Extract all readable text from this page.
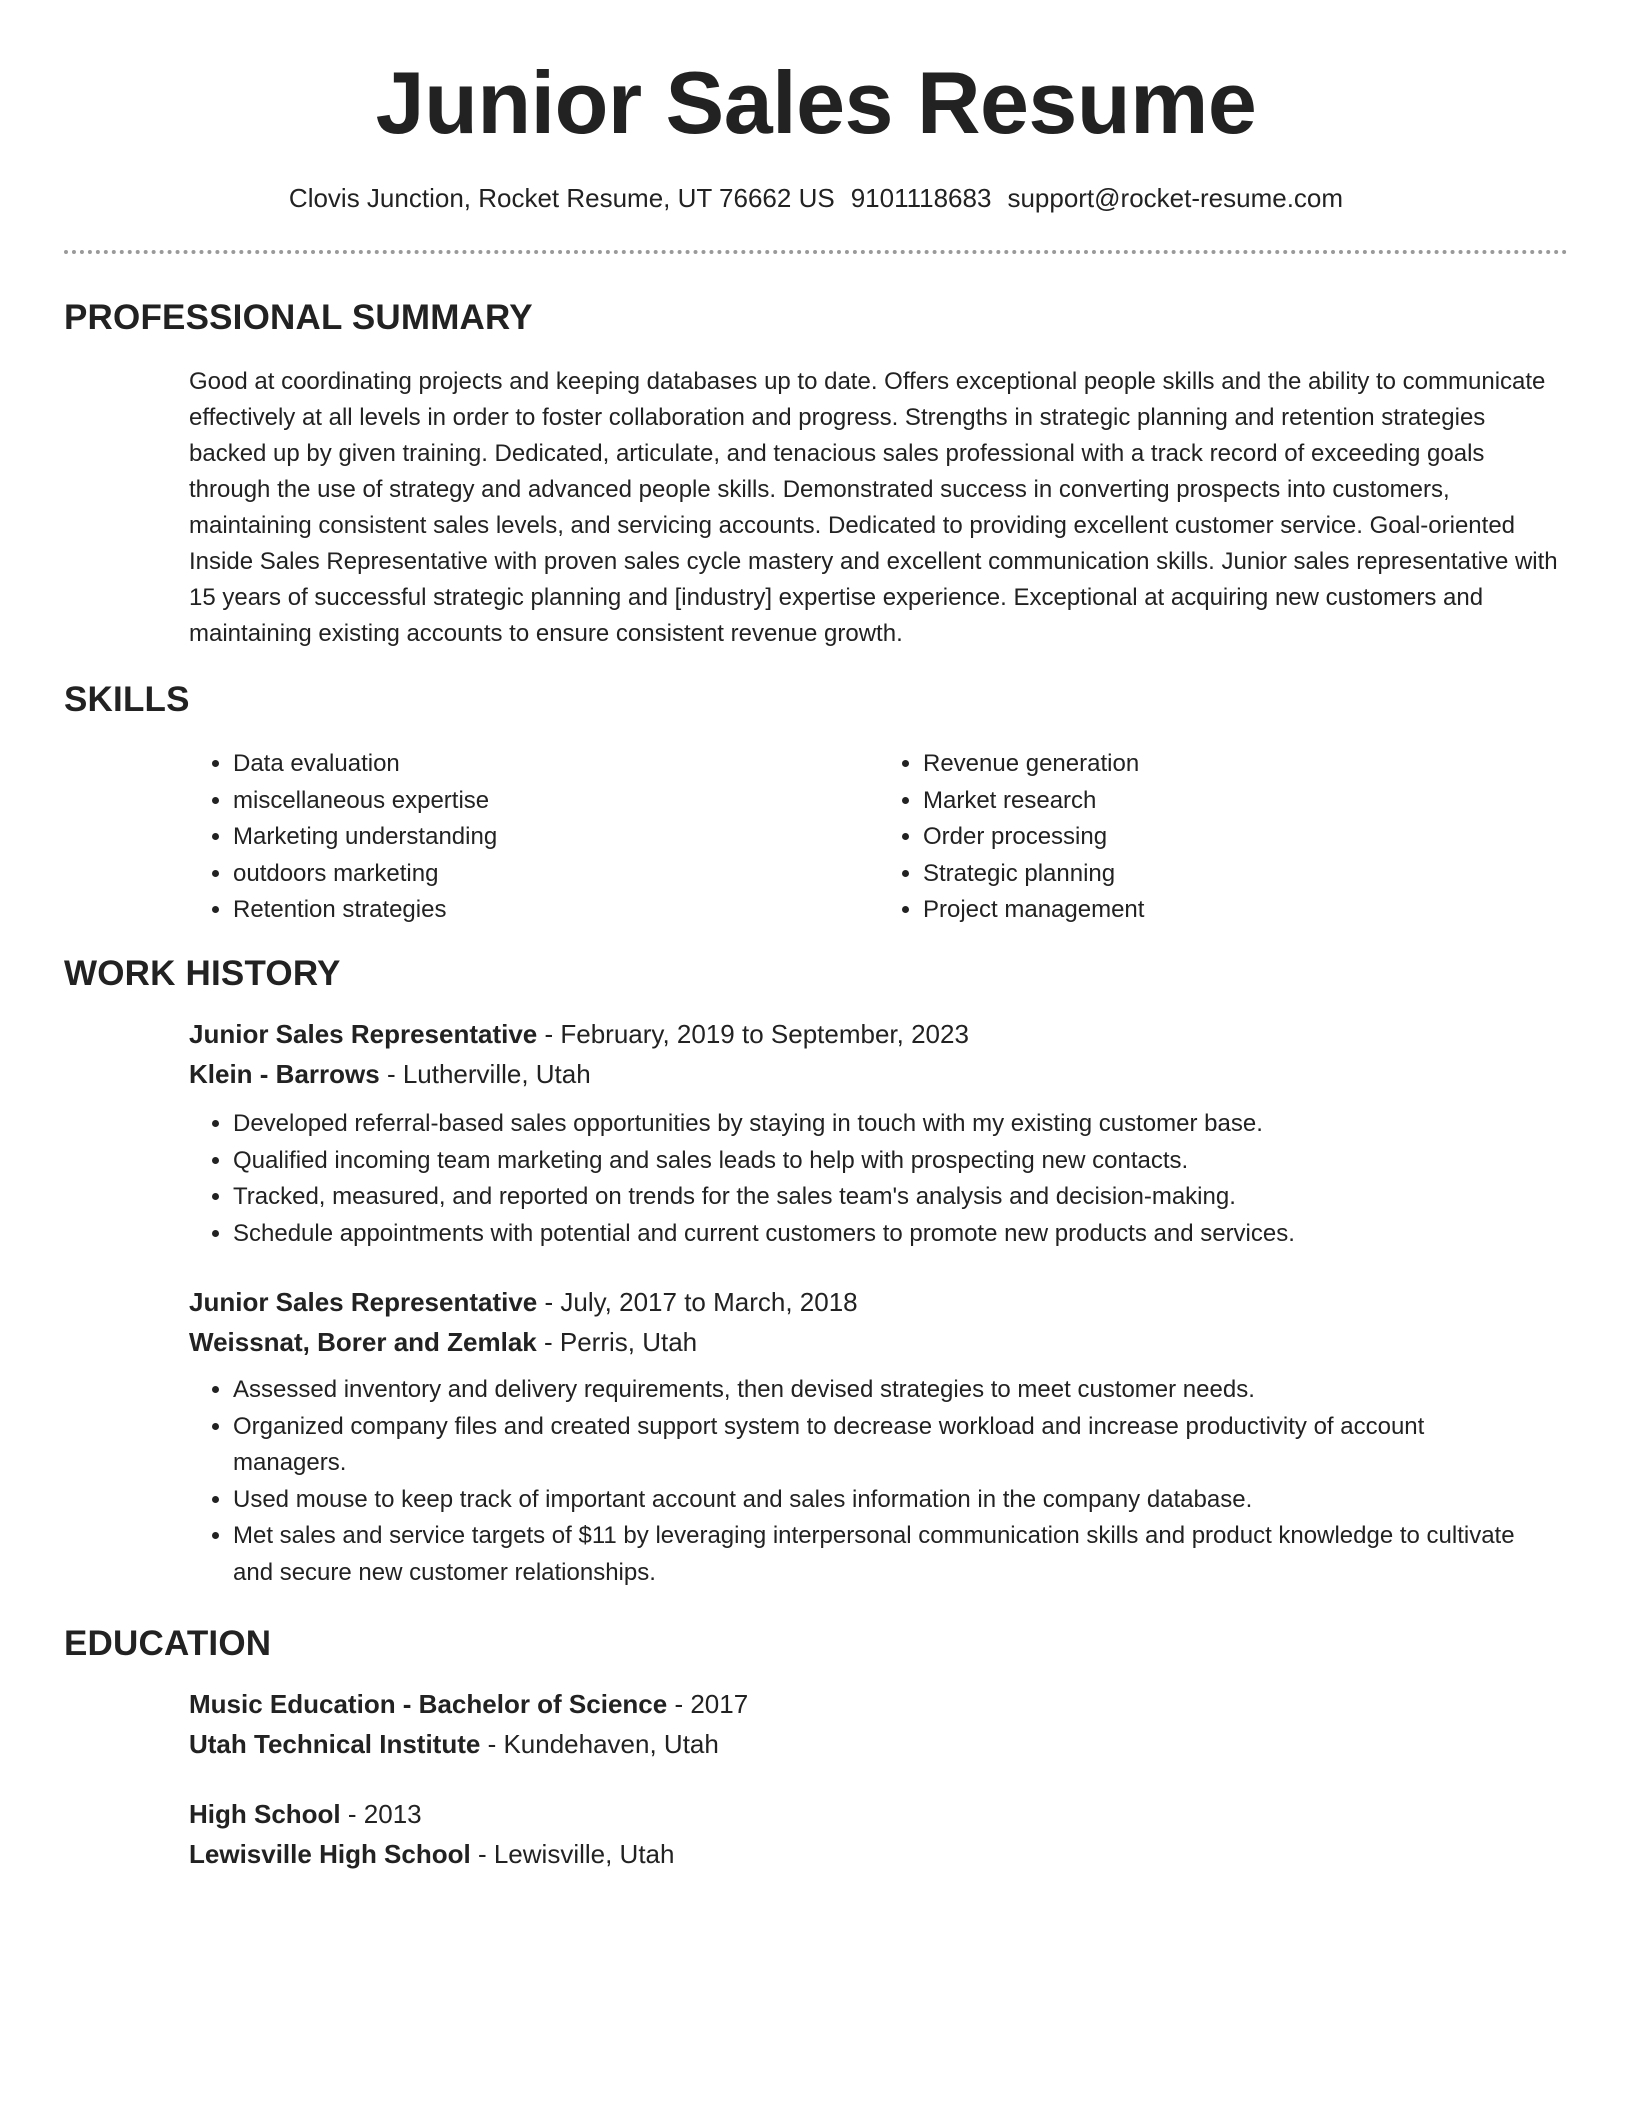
Junior Sales Resume
Clovis Junction, Rocket Resume, UT 76662 US 9101118683 support@rocket-resume.com
PROFESSIONAL SUMMARY

Good at coordinating projects and keeping databases up to date. Offers exceptional people skills and the ability to communicate effectively at all levels in order to foster collaboration and progress. Strengths in strategic planning and retention strategies backed up by given training. Dedicated, articulate, and tenacious sales professional with a track record of exceeding goals through the use of strategy and advanced people skills. Demonstrated success in converting prospects into customers, maintaining consistent sales levels, and servicing accounts. Dedicated to providing excellent customer service. Goal-oriented Inside Sales Representative with proven sales cycle mastery and excellent communication skills. Junior sales representative with 15 years of successful strategic planning and [industry] expertise experience. Exceptional at acquiring new customers and maintaining existing accounts to ensure consistent revenue growth.

SKILLS
• Data evaluation
• miscellaneous expertise
• Marketing understanding
• outdoors marketing
• Retention strategies
• Revenue generation
• Market research
• Order processing
• Strategic planning
• Project management
WORK HISTORY
Junior Sales Representative - February, 2019 to September, 2023
Klein - Barrows - Lutherville, Utah
• Developed referral-based sales opportunities by staying in touch with my existing customer base.
• Qualified incoming team marketing and sales leads to help with prospecting new contacts.
• Tracked, measured, and reported on trends for the sales team's analysis and decision-making.
• Schedule appointments with potential and current customers to promote new products and services.
Junior Sales Representative - July, 2017 to March, 2018
Weissnat, Borer and Zemlak - Perris, Utah
• Assessed inventory and delivery requirements, then devised strategies to meet customer needs.
• Organized company files and created support system to decrease workload and increase productivity of account managers.
• Used mouse to keep track of important account and sales information in the company database.
• Met sales and service targets of $11 by leveraging interpersonal communication skills and product knowledge to cultivate and secure new customer relationships.
EDUCATION
Music Education - Bachelor of Science - 2017
Utah Technical Institute - Kundehaven, Utah
High School - 2013
Lewisville High School - Lewisville, Utah
